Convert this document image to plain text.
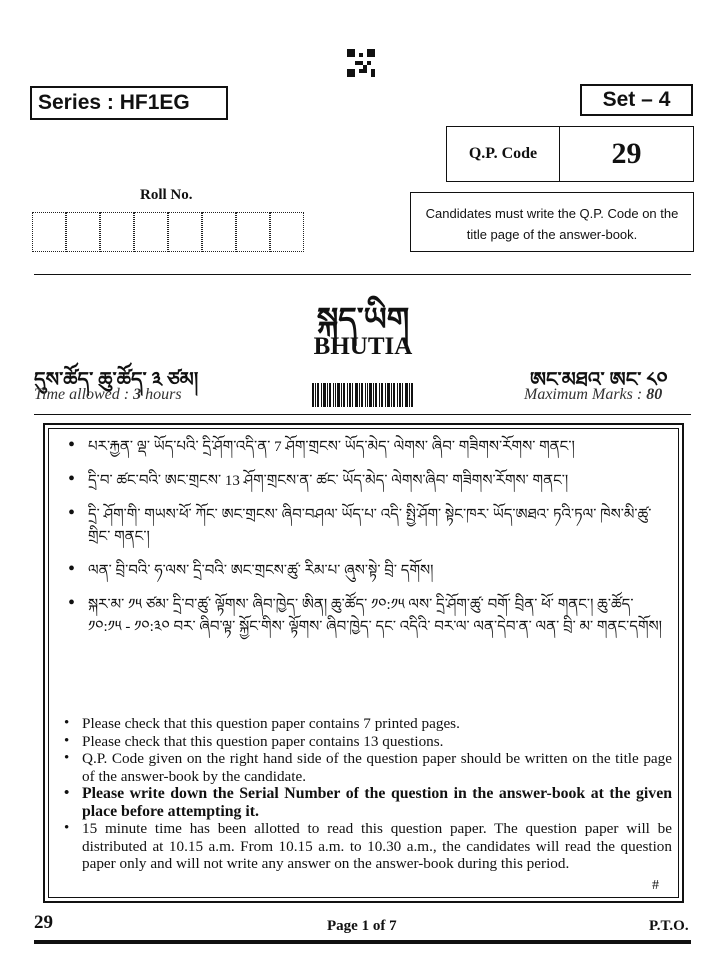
Series : HF1EG	Set – 4
Q.P. Code	29
Roll No.
Candidates must write the Q.P. Code on the title page of the answer-book.
སྐད་ཡིག
BHUTIA
དུས་ཚོད་ ཆུ་ཚོད་ ༣ ཙམ།	ཨང་མཐའ་ ཨང་ ༨༠
Time allowed : 3 hours	Maximum Marks : 80
• པར་རྐྱན་ ལྡ་ ཡོད་པའི་ དྲི་ཤོག་འདི་ན་ 7 ཤོག་གྲངས་ ཡོད་མེད་ ལེགས་ ཞིབ་ གཟིགས་རོགས་ གནང་།
• དྲི་བ་ ཚང་བའི་ ཨང་གྲངས་ 13 ཤོག་གྲངས་ན་ ཚང་ ཡོད་མེད་ ལེགས་ཞིབ་ གཟིགས་རོགས་ གནང་།
• དྲི་ ཤོག་གི་ གཡས་ཕོ་ ཀོང་ ཨང་གྲངས་ ཞིབ་བཤལ་ ཡོད་པ་ འདི་ སྤྱི་ཤོག་ སྟེང་ཁར་ ཡོད་ཨཐའ་ ཏའི་ཏལ་ ཁེས་མི་ཚུ་ གྲིང་ གནང་།
• ལན་ བྲི་བའི་ ཧ་ལས་ དྲི་བའི་ ཨང་གྲངས་ཚུ་ རིམ་པ་ ཞུས་སྟེ་ བྲི་ དགོས།
• སྐར་མ་ ༡༥ ཙམ་ དྲི་བ་ཚུ་ ལྟོགས་ ཞིབ་ཁྱེད་ ཨིན། ཆུ་ཚོད་ ༡༠:༡༥ ལས་ དྲི་ཤོག་ཚུ་ བགོ་ བྲིན་ ཕོ་ གནང་། ཆུ་ཚོད་ ༡༠:༡༥ - ༡༠:༣༠ བར་ ཞིབ་ལྟ་ སྐྱོང་གིས་ ལྟོགས་ ཞིབ་ཁྱེད་ དང་ འདིའི་ བར་ལ་ ལན་དེབ་ན་ ལན་ བྲི་ མ་ གནང་དགོས།
• Please check that this question paper contains 7 printed pages.
• Please check that this question paper contains 13 questions.
• Q.P. Code given on the right hand side of the question paper should be written on the title page of the answer-book by the candidate.
• Please write down the Serial Number of the question in the answer-book at the given place before attempting it.
• 15 minute time has been allotted to read this question paper. The question paper will be distributed at 10.15 a.m. From 10.15 a.m. to 10.30 a.m., the candidates will read the question paper only and will not write any answer on the answer-book during this period.
#
29	Page 1 of 7	P.T.O.
